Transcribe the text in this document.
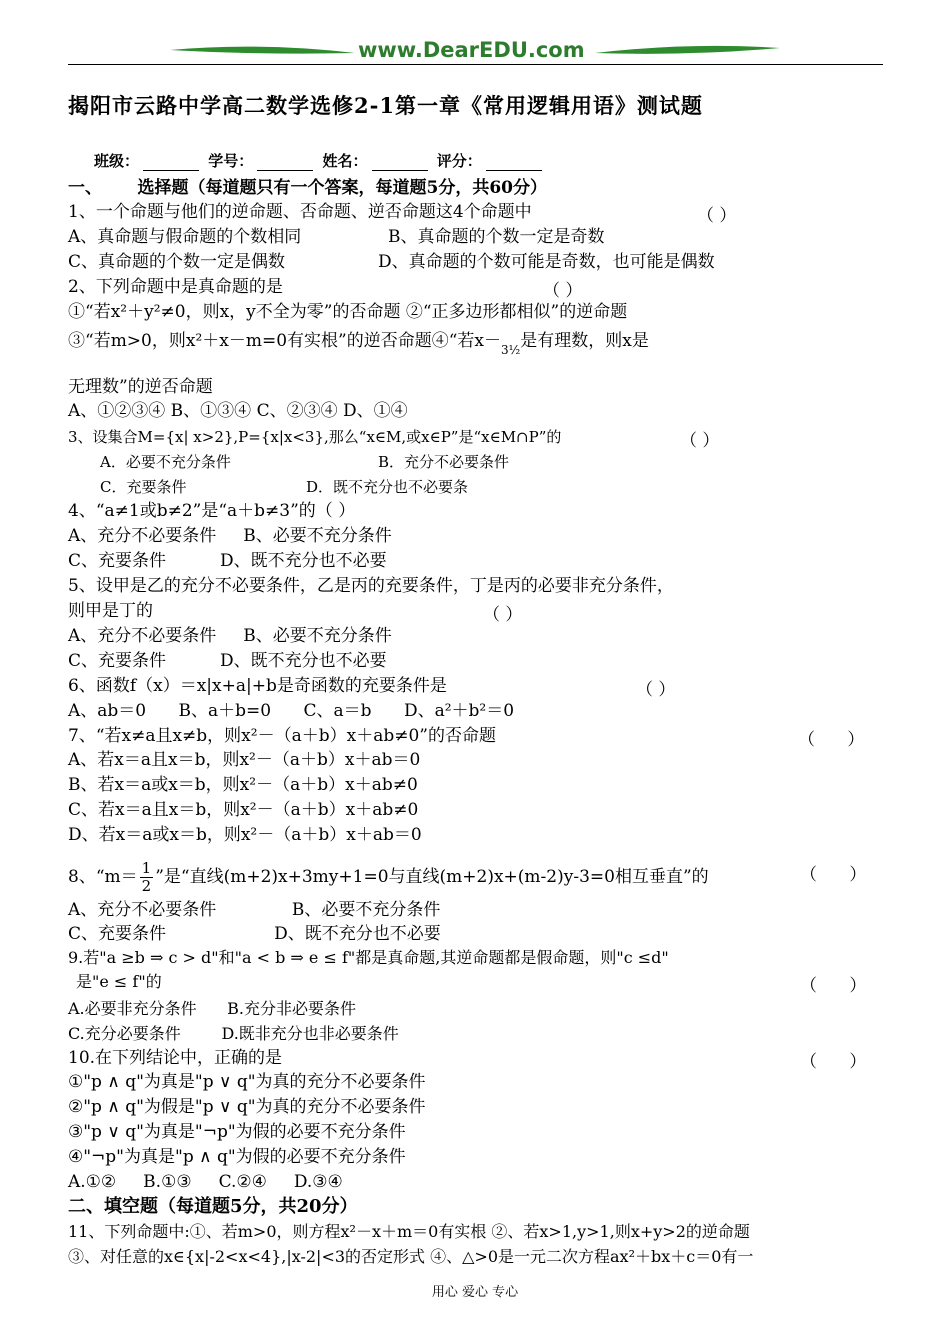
www.DearEDU.com
揭阳市云路中学高二数学选修2-1第一章《常用逻辑用语》测试题
班级：	学号：	姓名：	评分：
一、 选择题（每道题只有一个答案，每道题5分，共60分）
1、一个命题与他们的逆命题、否命题、逆否命题这4个命题中	（ ）
A、真命题与假命题的个数相同	B、真命题的个数一定是奇数
C、真命题的个数一定是偶数	D、真命题的个数可能是奇数，也可能是偶数
2、下列命题中是真命题的是	（ ）
①“若x²＋y²≠0，则x，y不全为零”的否命题 ②“正多边形都相似”的逆命题
③“若m>0，则x²＋x－m=0有实根”的逆否命题④“若$x-_{3\frac{1}{2}}$是有理数，则x是
无理数”的逆否命题
A、①②③④ B、①③④ C、②③④ D、①④
3、设集合M={x| x>2},P={x|x<3},那么“x∈M,或x∈P”是“x∈M∩P”的	（ ）
A．必要不充分条件	B．充分不必要条件
C．充要条件	D．既不充分也不必要条
4、“a≠1或b≠2”是“a＋b≠3”的（ ）
A、充分不必要条件     B、必要不充分条件
C、充要条件          D、既不充分也不必要
5、设甲是乙的充分不必要条件，乙是丙的充要条件，丁是丙的必要非充分条件，
则甲是丁的	（ ）
A、充分不必要条件     B、必要不充分条件
C、充要条件          D、既不充分也不必要
6、函数f（x）＝x|x+a|+b是奇函数的充要条件是	（ ）
A、ab＝0      B、a＋b=0      C、a＝b      D、a²＋b²＝0
7、“若x≠a且x≠b，则x²－（a＋b）x＋ab≠0”的否命题	（      ）
A、若x＝a且x＝b，则x²－（a＋b）x＋ab＝0
B、若x＝a或x＝b，则x²－（a＋b）x＋ab≠0
C、若x＝a且x＝b，则x²－（a＋b）x＋ab≠0
D、若x＝a或x＝b，则x²－（a＋b）x＋ab＝0
8、“$m= \frac{1}{2}$ ”是“直线(m+2)x+3my+1=0与直线(m+2)x+(m-2)y-3=0相互垂直”的	（      ）
A、充分不必要条件              B、必要不充分条件
C、充要条件                    D、既不充分也不必要
9.若"a ≥b ⇒ c > d"和"a < b ⇒ e ≤ f"都是真命题,其逆命题都是假命题，则"c ≤d"
是"e ≤ f"的	（      ）
A.必要非充分条件      B.充分非必要条件
C.充分必要条件        D.既非充分也非必要条件
10.在下列结论中，正确的是	（      ）
①"p ∧ q"为真是"p ∨ q"为真的充分不必要条件
②"p ∧ q"为假是"p ∨ q"为真的充分不必要条件
③"p ∨ q"为真是"¬p"为假的必要不充分条件
④"¬p"为真是"p ∧ q"为假的必要不充分条件
A.①②     B.①③     C.②④     D.③④
二、填空题（每道题5分，共20分）
11、下列命题中:①、若m>0，则方程x²－x＋m＝0有实根 ②、若x>1,y>1,则x+y>2的逆命题
③、对任意的x∈{x|-2<x<4},|x-2|<3的否定形式 ④、△>0是一元二次方程ax²＋bx＋c＝0有一
用心 爱心 专心
